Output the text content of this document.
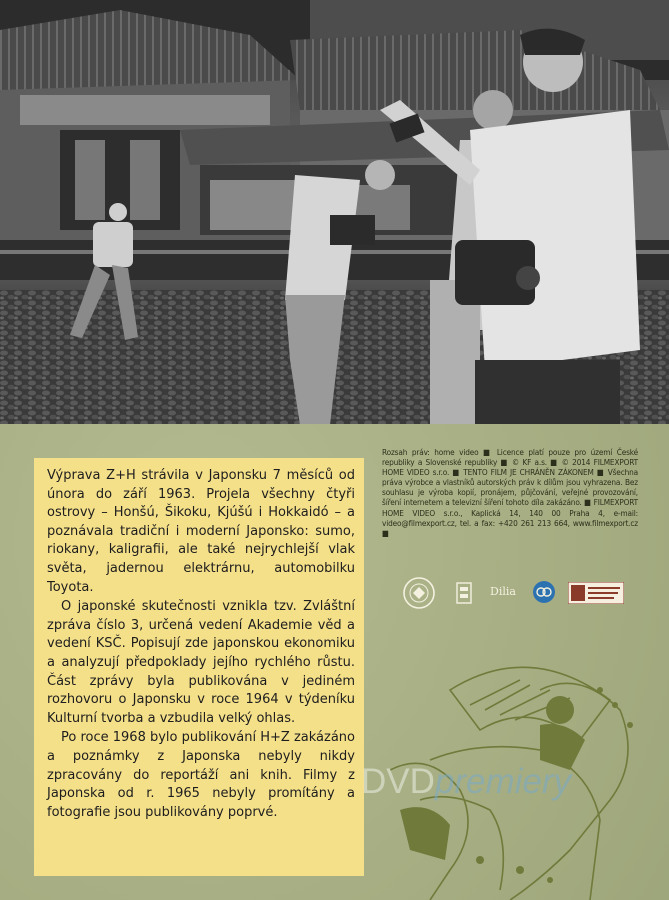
Výprava Z+H strávila v Japonsku 7 měsíců od února do září 1963. Projela všechny čtyři ostrovy – Honšú, Šikoku, Kjúšú i Hokkaidó – a poznávala tradiční i moderní Japonsko: sumo, riokany, kaligrafii, ale také nejrychlejší vlak světa, jadernou elektrárnu, automobilku Toyota.

O japonské skutečnosti vznikla tzv. Zvláštní zpráva číslo 3, určená vedení Akademie věd a vedení KSČ. Popisují zde japonskou ekonomiku a analyzují předpoklady jejího rychlého růstu. Část zprávy byla publikována v jediném rozhovoru o Japonsku v roce 1964 v týdeníku Kulturní tvorba a vzbudila velký ohlas.

Po roce 1968 bylo publikování H+Z zakázáno a poznámky z Japonska nebyly nikdy zpracovány do reportáží ani knih. Filmy z Japonska od r. 1965 nebyly promítány a fotografie jsou publikovány poprvé.

Rozsah práv: home video ■ Licence platí pouze pro území České republiky a Slovenské republiky ■ © KF a.s. ■ © 2014 FILMEXPORT HOME VIDEO s.r.o. ■ TENTO FILM JE CHRÁNĚN ZÁKONEM ■ Všechna práva výrobce a vlastníků autorských práv k dílům jsou vyhrazena. Bez souhlasu je výroba kopií, pronájem, půjčování, veřejné provozování, šíření internetem a televizní šíření tohoto díla zakázáno. ■ FILMEXPORT HOME VIDEO s.r.o., Kaplická 14, 140 00 Praha 4, e-mail: video@filmexport.cz, tel. a fax: +420 261 213 664, www.filmexport.cz ■
Dilia
DVDpremiery
